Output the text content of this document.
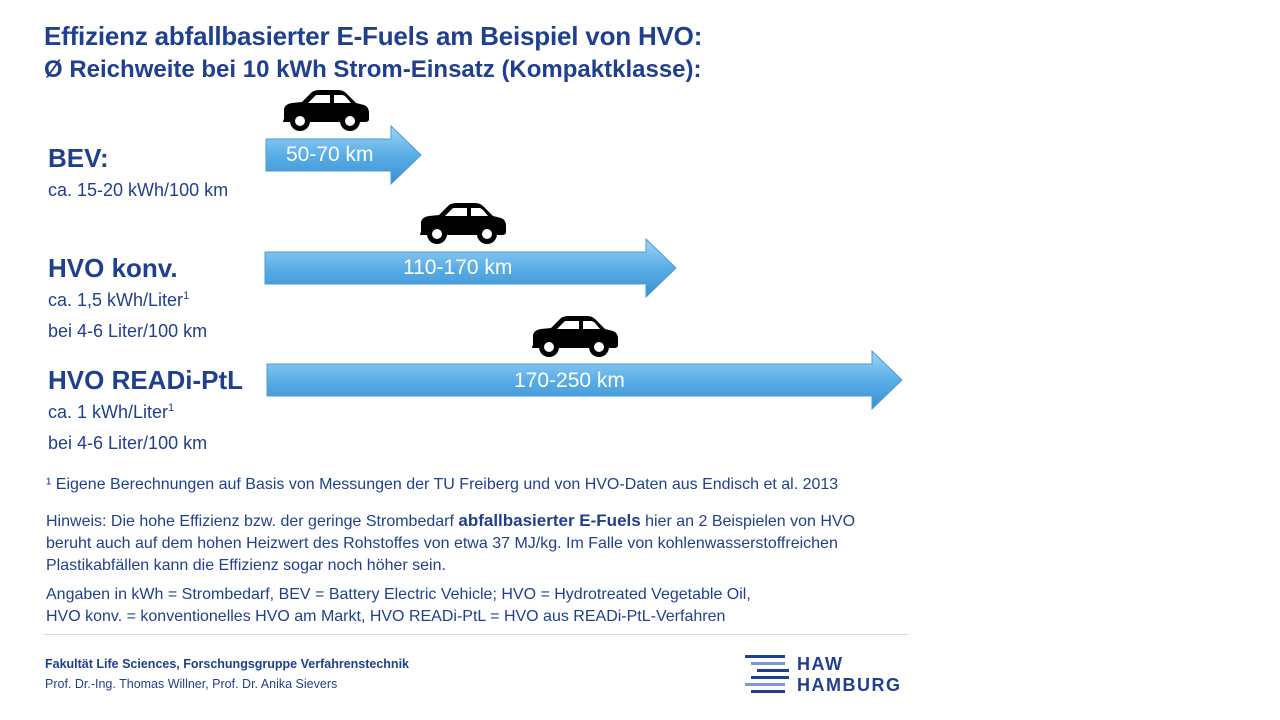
Effizienz abfallbasierter E-Fuels am Beispiel von HVO:
Ø Reichweite bei 10 kWh Strom-Einsatz (Kompaktklasse):
BEV:
ca. 15-20 kWh/100 km
50-70 km
HVO konv.
ca. 1,5 kWh/Liter$^1$
bei 4-6 Liter/100 km
110-170 km
HVO READi-PtL
ca. 1 kWh/Liter$^1$
bei 4-6 Liter/100 km
170-250 km
¹ Eigene Berechnungen auf Basis von Messungen der TU Freiberg und von HVO-Daten aus Endisch et al. 2013
Hinweis: Die hohe Effizienz bzw. der geringe Strombedarf abfallbasierter E-Fuels hier an 2 Beispielen von HVO
beruht auch auf dem hohen Heizwert des Rohstoffes von etwa 37 MJ/kg. Im Falle von kohlenwasserstoffreichen
Plastikabfällen kann die Effizienz sogar noch höher sein.
Angaben in kWh = Strombedarf, BEV = Battery Electric Vehicle; HVO = Hydrotreated Vegetable Oil,
HVO konv. = konventionelles HVO am Markt, HVO READi-PtL = HVO aus READi-PtL-Verfahren
Fakultät Life Sciences, Forschungsgruppe Verfahrenstechnik
Prof. Dr.-Ing. Thomas Willner, Prof. Dr. Anika Sievers
HAW
HAMBURG
